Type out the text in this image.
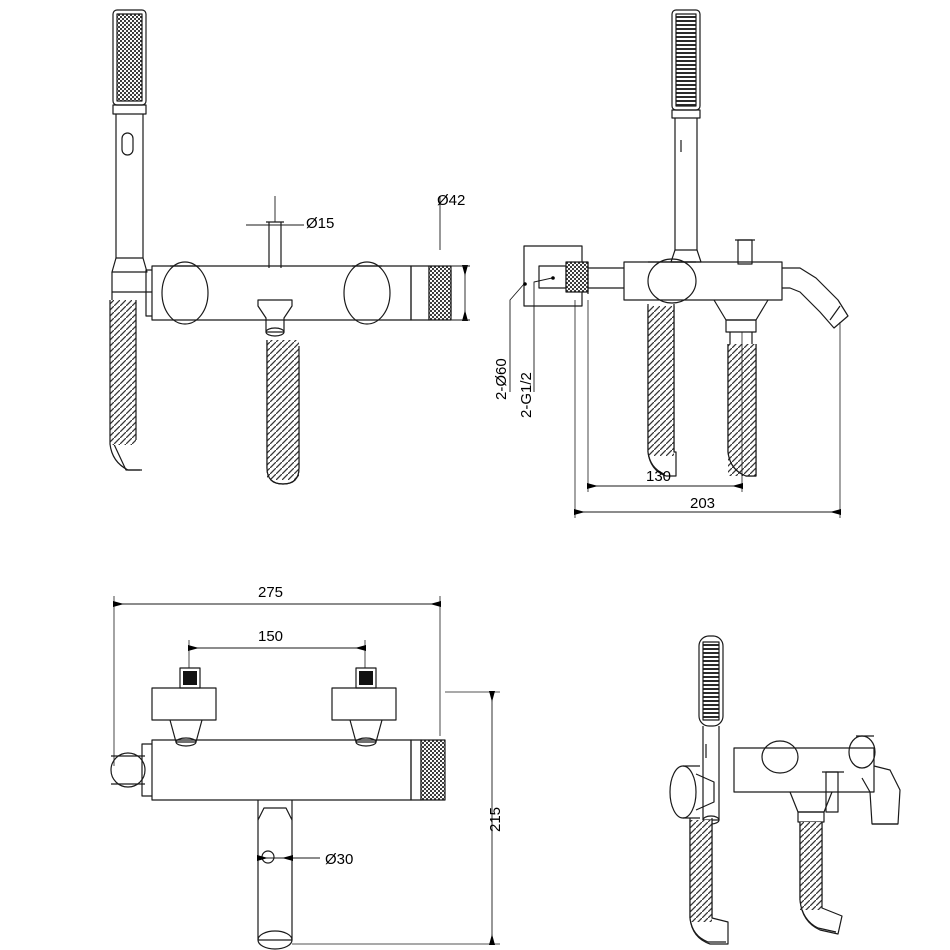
Ø15
Ø42
2-Ø60 2-G1/2
130
203
275
150
215
Ø30
